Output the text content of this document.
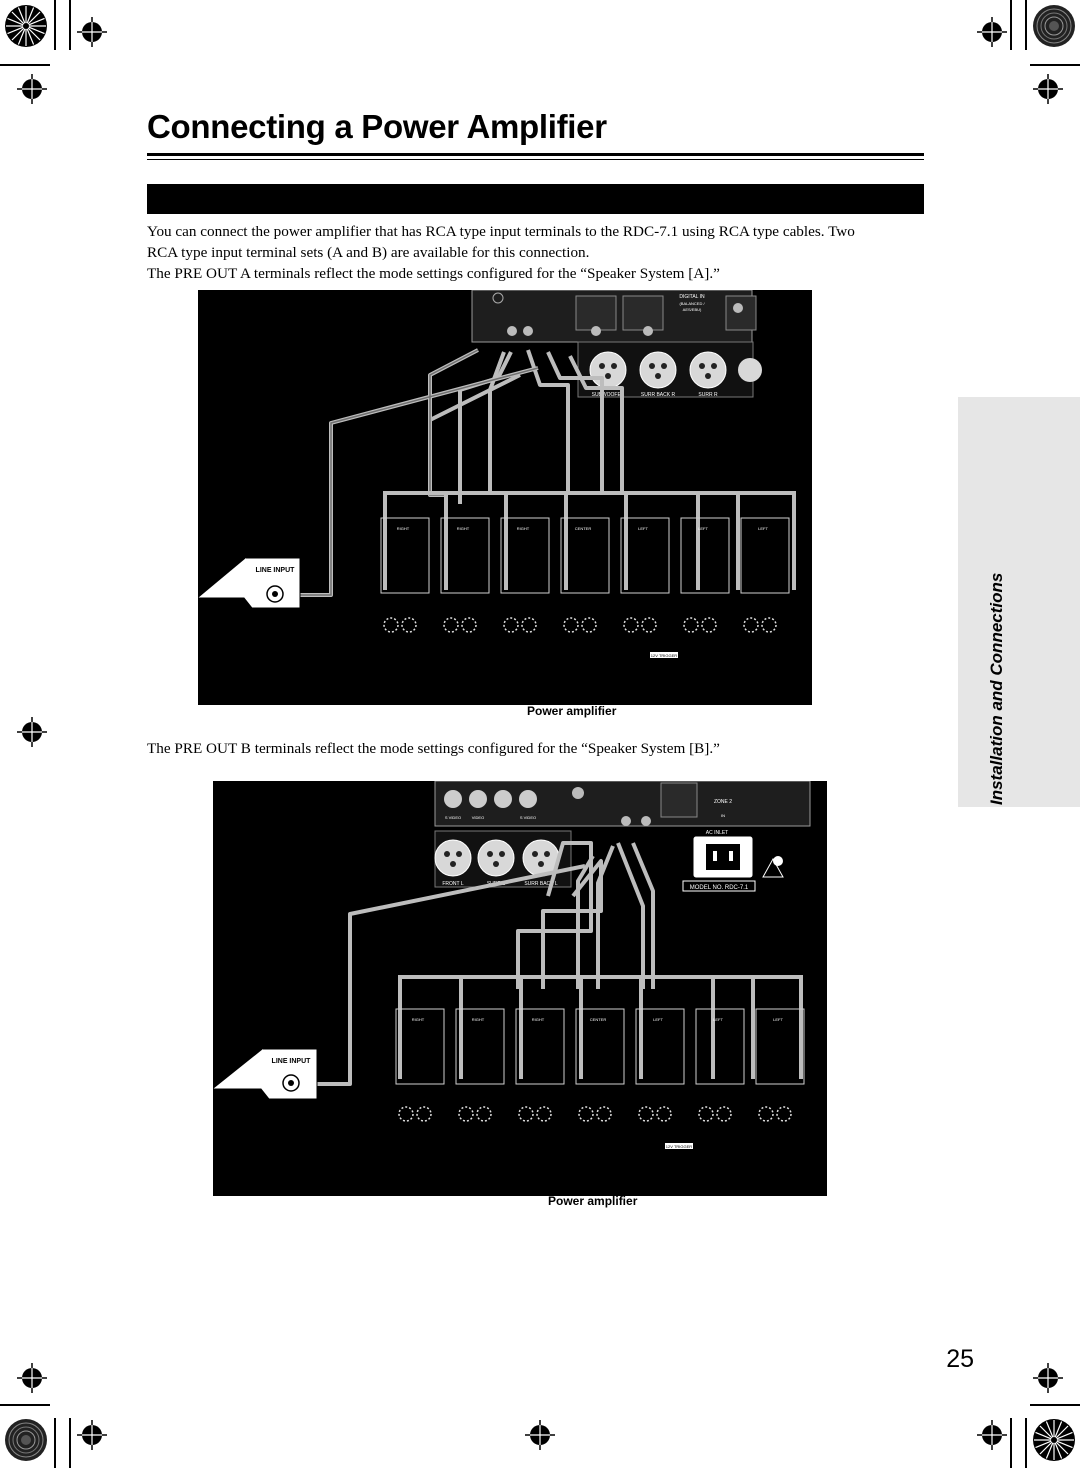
Connecting a Power Amplifier

You can connect the power amplifier that has RCA type input terminals to the RDC-7.1 using RCA type cables. Two

RCA type input terminal sets (A and B) are available for this connection.

The PRE OUT A terminals reflect the mode settings configured for the “Speaker System [A].”

Installation and Connections
DIGITAL IN
(BALANCED /
AES/EBU)
SUBWOOFER	SURR BACK R	SURR R
RIGHT	RIGHT	RIGHT	CENTER	LEFT	LEFT	LEFT
12V TRIGGER
LINE INPUT
Power amplifier

The PRE OUT B terminals reflect the mode settings configured for the “Speaker System [B].”

S VIDEO	VIDEO	S VIDEO
ZONE 2
IN
AC INLET
MODEL NO. RDC-7.1
FRONT L	SURR L	SURR BACK L
RIGHT	RIGHT	RIGHT	CENTER	LEFT	LEFT	LEFT
12V TRIGGER
LINE INPUT
Power amplifier
25
